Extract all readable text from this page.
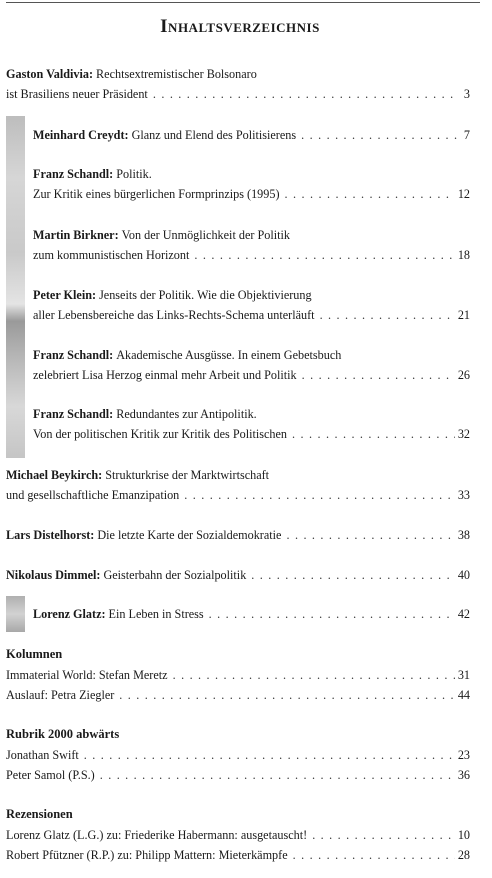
Inhaltsverzeichnis
Gaston Valdivia: Rechtsextremistischer Bolsonaro
ist Brasiliens neuer Präsident . . .	3
Meinhard Creydt: Glanz und Elend des Politisierens . . .	7
Franz Schandl: Politik.
Zur Kritik eines bürgerlichen Formprinzips (1995) . . .	12
Martin Birkner: Von der Unmöglichkeit der Politik
zum kommunistischen Horizont . . .	18
Peter Klein: Jenseits der Politik. Wie die Objektivierung
aller Lebensbereiche das Links-Rechts-Schema unterläuft . . .	21
Franz Schandl: Akademische Ausgüsse. In einem Gebetsbuch
zelebriert Lisa Herzog einmal mehr Arbeit und Politik . . .	26
Franz Schandl: Redundantes zur Antipolitik.
Von der politischen Kritik zur Kritik des Politischen . . .	32
Michael Beykirch: Strukturkrise der Marktwirtschaft
und gesellschaftliche Emanzipation . . .	33
Lars Distelhorst: Die letzte Karte der Sozialdemokratie . . .	38
Nikolaus Dimmel: Geisterbahn der Sozialpolitik . . .	40
Lorenz Glatz: Ein Leben in Stress . . .	42
Kolumnen
Immaterial World: Stefan Meretz . . .	31
Auslauf: Petra Ziegler . . .	44
Rubrik 2000 abwärts
Jonathan Swift . . .	23
Peter Samol (P.S.) . . .	36
Rezensionen
Lorenz Glatz (L.G.) zu: Friederike Habermann: ausgetauscht! . . .	10
Robert Pfützner (R.P.) zu: Philipp Mattern: Mieterkämpfe . . .	28
